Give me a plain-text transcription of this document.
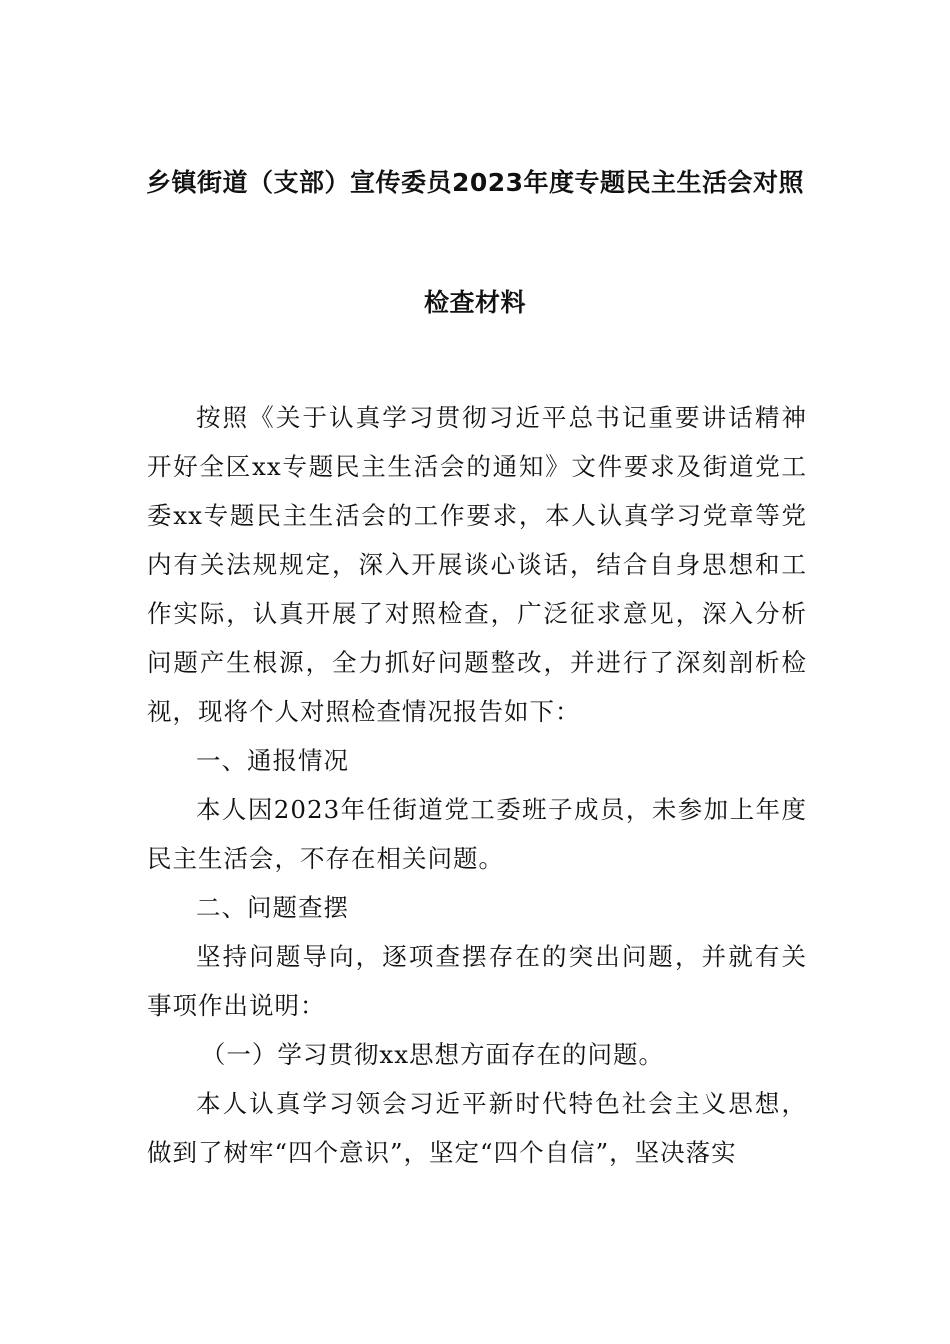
乡镇街道（支部）宣传委员2023年度专题民主生活会对照
检查材料

按照《关于认真学习贯彻习近平总书记重要讲话精神开好全区xx专题民主生活会的通知》文件要求及街道党工委xx专题民主生活会的工作要求，本人认真学习党章等党内有关法规规定，深入开展谈心谈话，结合自身思想和工作实际，认真开展了对照检查，广泛征求意见，深入分析问题产生根源，全力抓好问题整改，并进行了深刻剖析检视，现将个人对照检查情况报告如下：

一、通报情况

本人因2023年任街道党工委班子成员，未参加上年度民主生活会，不存在相关问题。

二、问题查摆

坚持问题导向，逐项查摆存在的突出问题，并就有关事项作出说明：

（一）学习贯彻xx思想方面存在的问题。

本人认真学习领会习近平新时代特色社会主义思想，做到了树牢“四个意识”，坚定“四个自信”，坚决落实
